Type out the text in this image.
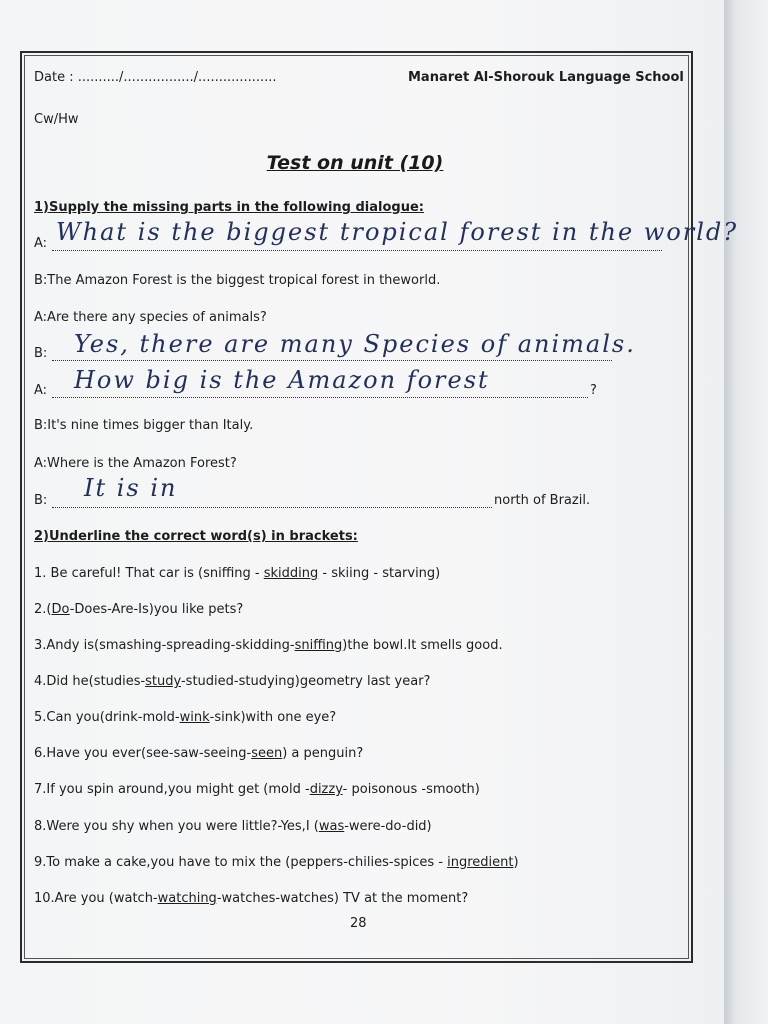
Date : ........../................./...................	Manaret Al-Shorouk Language School
Cw/Hw
Test on unit (10)
1)Supply the missing parts in the following dialogue:
A: What is the biggest tropical forest in the world?
B:The Amazon Forest is the biggest tropical forest in theworld.
A:Are there any species of animals?
B: Yes, there are many Species of animals.
A: How big is the Amazon forest	?
B:It's nine times bigger than Italy.
A:Where is the Amazon Forest?
B: It is in	north of Brazil.
2)Underline the correct word(s) in brackets:
1. Be careful! That car is (sniffing - skidding - skiing - starving)
2.(Do-Does-Are-Is)you like pets?
3.Andy is(smashing-spreading-skidding-sniffing)the bowl.It smells good.
4.Did he(studies-study-studied-studying)geometry last year?
5.Can you(drink-mold-wink-sink)with one eye?
6.Have you ever(see-saw-seeing-seen) a penguin?
7.If you spin around,you might get (mold -dizzy- poisonous -smooth)
8.Were you shy when you were little?-Yes,I (was-were-do-did)
9.To make a cake,you have to mix the (peppers-chilies-spices - ingredient)
10.Are you (watch-watching-watches-watches) TV at the moment?
28
